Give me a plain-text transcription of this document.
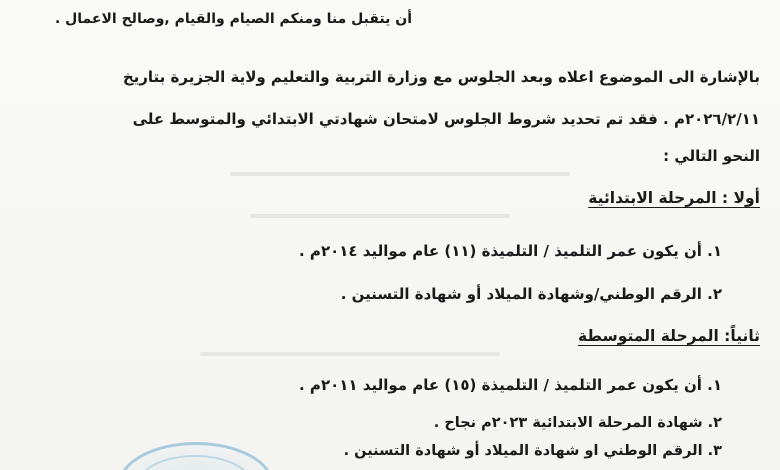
أن يتقبل منا ومنكم الصيام والقيام ,وصالح الاعمال .
بالإشارة الى الموضوع اعلاه وبعد الجلوس مع وزارة التربية والتعليم ولاية الجزيرة بتاريخ
٢٠٢٦/٢/١١م . فقد تم تحديد شروط الجلوس لامتحان شهادتي الابتدائي والمتوسط على
النحو التالي :
أولا : المرحلة الابتدائية
١. أن يكون عمر التلميذ / التلميذة (١١) عام مواليد ٢٠١٤م .
٢. الرقم الوطني/وشهادة الميلاد أو شهادة التسنين .
ثانياً: المرحلة المتوسطة
١. أن يكون عمر التلميذ / التلميذة (١٥) عام مواليد ٢٠١١م .
٢. شهادة المرحلة الابتدائية ٢٠٢٣م نجاح .
٣. الرقم الوطني او شهادة الميلاد أو شهادة التسنين .
